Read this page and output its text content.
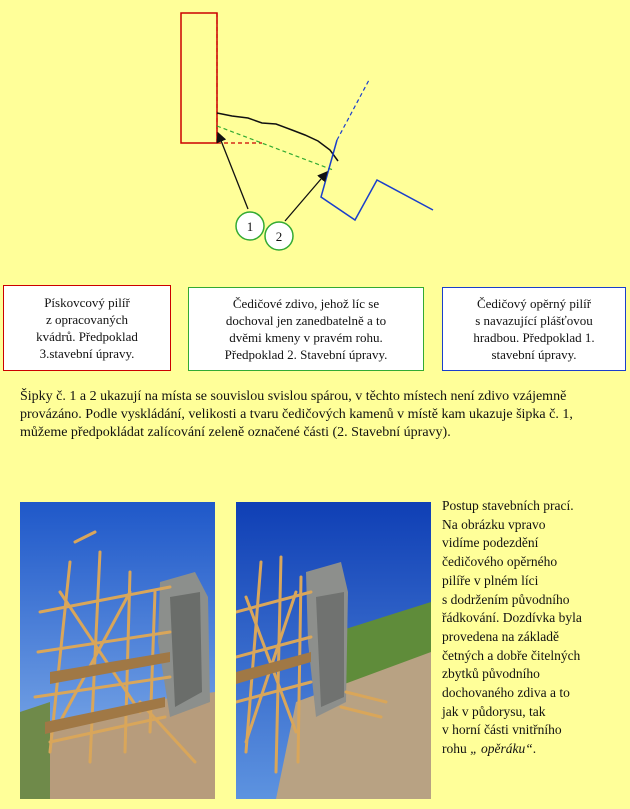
1
2
Pískovcový pilíř
z opracovaných
kvádrů. Předpoklad
3.stavební úpravy.
Čedičové zdivo, jehož líc se
dochoval jen zanedbatelně a to
dvěmi kmeny v pravém rohu.
Předpoklad 2. Stavební úpravy.
Čedičový opěrný pilíř
s navazující plášťovou
hradbou. Předpoklad 1.
stavební úpravy.

Šipky č. 1 a 2 ukazují na místa se souvislou svislou spárou, v těchto místech není zdivo vzájemně provázáno. Podle vyskládání, velikosti a tvaru čedičových kamenů v místě kam ukazuje šipka č. 1, můžeme předpokládat zalícování zeleně označené části (2. Stavební úpravy).

Postup stavebních prací.
Na obrázku vpravo
vidíme podezdění
čedičového opěrného
pilíře v plném líci
s dodržením původního
řádkování. Dozdívka byla
provedena na základě
četných a dobře čitelných
zbytků původního
dochovaného zdiva a to
jak v půdorysu, tak
v horní části vnitřního
rohu „ opěráku“.
